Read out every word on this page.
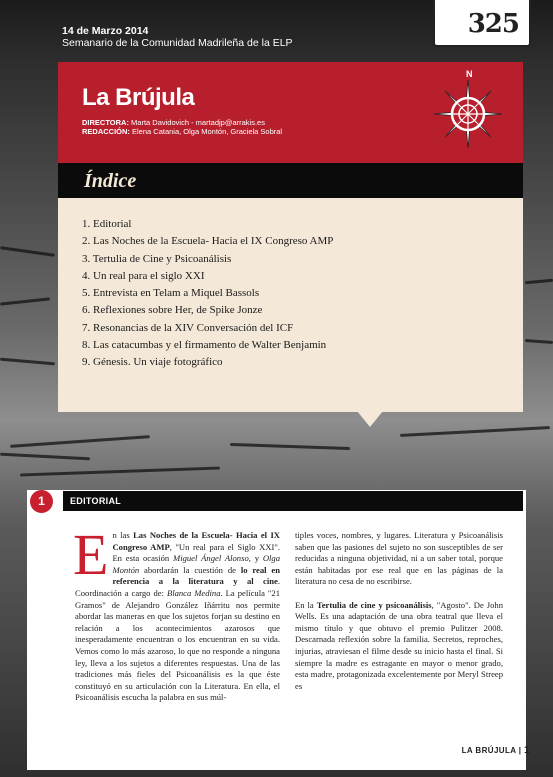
14 de Marzo 2014
Semanario de la Comunidad Madrileña de la ELP
325
La Brújula
DIRECTORA: Marta Davidovich - martadjp@arrakis.es
REDACCIÓN: Elena Catania, Olga Montón, Graciela Sobral
N
Índice
1. Editorial
2. Las Noches de la Escuela- Hacia el IX Congreso AMP
3. Tertulia de Cine y Psicoanálisis
4. Un real para el siglo XXI
5. Entrevista en Telam a Miquel Bassols
6. Reflexiones sobre Her, de Spike Jonze
7. Resonancias de la XIV Conversación del ICF
8. Las catacumbas y el firmamento de Walter Benjamin
9. Génesis. Un viaje fotográfico
1	EDITORIAL

En las Las Noches de la Escuela- Hacia el IX Congreso AMP, "Un real para el Siglo XXI". En esta ocasión Miguel Ángel Alonso, y Olga Montón abordarán la cuestión de lo real en referencia a la literatura y al cine. Coordinación a cargo de: Blanca Medina. La película "21 Gramos" de Alejandro González Iñárritu nos permite abordar las maneras en que los sujetos forjan su destino en relación a los acontecimientos azarosos que inesperadamente encuentran o los encuentran en su vida. Vemos como lo más azaroso, lo que no responde a ninguna ley, lleva a los sujetos a diferentes respuestas. Una de las tradiciones más fieles del Psicoanálisis es la que éste constituyó en su articulación con la Literatura. En ella, el Psicoanálisis escucha la palabra en sus múl-

tiples voces, nombres, y lugares. Literatura y Psicoanálisis saben que las pasiones del sujeto no son susceptibles de ser reducidas a ninguna objetividad, ni a un saber total, porque están habitadas por ese real que en las páginas de la literatura no cesa de no escribirse.

En la Tertulia de cine y psicoanálisis, "Agosto". De John Wells. Es una adaptación de una obra teatral que lleva el mismo título y que obtuvo el premio Pulitzer 2008. Descarnada reflexión sobre la familia. Secretos, reproches, injurias, atraviesan el filme desde su inicio hasta el final. Si siempre la madre es estragante en mayor o menor grado, esta madre, protagonizada excelentemente por Meryl Streep es

LA BRÚJULA | 1
